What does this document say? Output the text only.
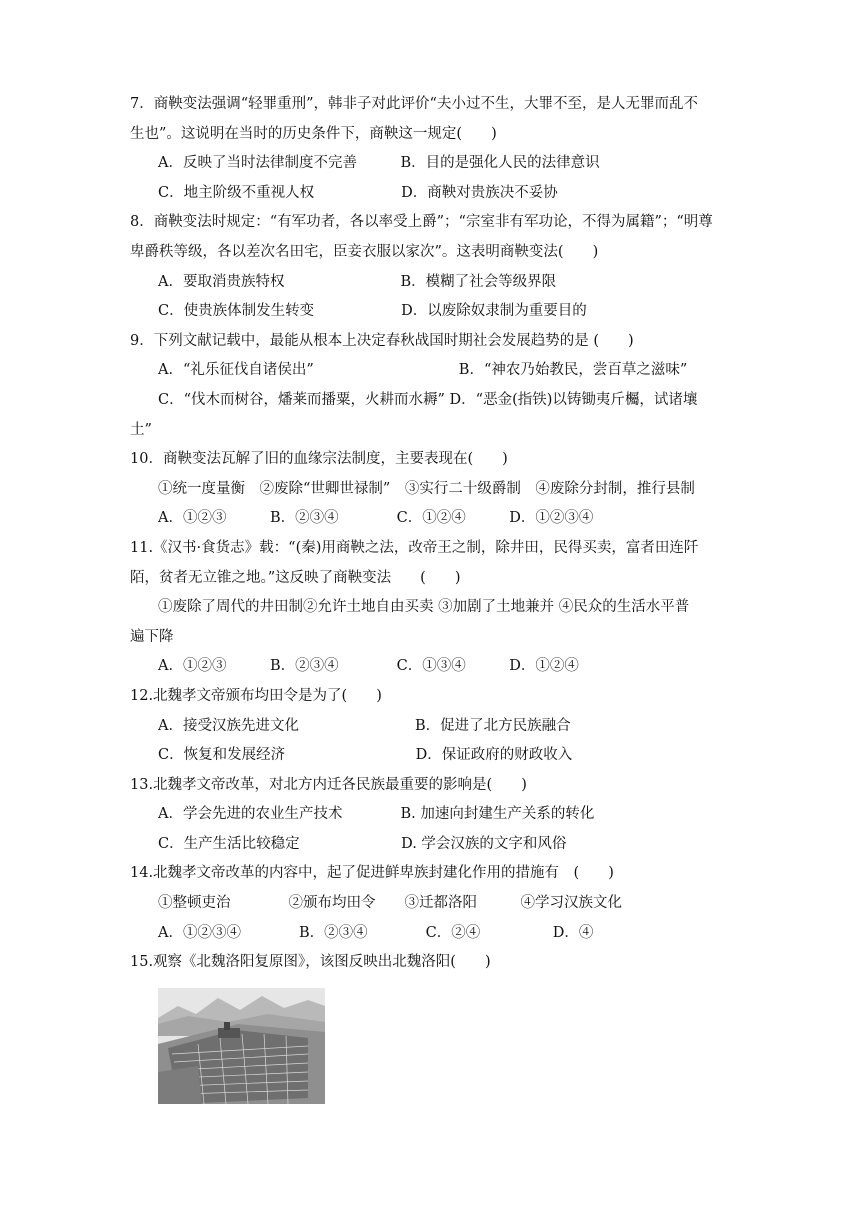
7．商鞅变法强调“轻罪重刑”，韩非子对此评价“夫小过不生，大罪不至，是人无罪而乱不
生也”。这说明在当时的历史条件下，商鞅这一规定(　　)
A．反映了当时法律制度不完善　　　B．目的是强化人民的法律意识
C．地主阶级不重视人权　　　　　　D．商鞅对贵族决不妥协
8．商鞅变法时规定：“有军功者，各以率受上爵”；“宗室非有军功论，不得为属籍”；“明尊
卑爵秩等级，各以差次名田宅，臣妾衣服以家次”。这表明商鞅变法(　　)
A．要取消贵族特权　　　　　　　　B．模糊了社会等级界限
C．使贵族体制发生转变　　　　　　D．以废除奴隶制为重要目的
9．下列文献记载中，最能从根本上决定春秋战国时期社会发展趋势的是 (　　)
A．“礼乐征伐自诸侯出”　　　　　　　　　　B．“神农乃始教民，尝百草之滋味”
C．“伐木而树谷，燔莱而播粟，火耕而水耨” D．“恶金(指铁)以铸锄夷斤欘，试诸壤
土”
10．商鞅变法瓦解了旧的血缘宗法制度，主要表现在(　　)
①统一度量衡　②废除“世卿世禄制”　③实行二十级爵制　④废除分封制，推行县制
A．①②③　　　B．②③④　　　　C．①②④　　　D．①②③④
11.《汉书·食货志》载：“(秦)用商鞅之法，改帝王之制，除井田，民得买卖，富者田连阡
陌，贫者无立锥之地。”这反映了商鞅变法　　(　　)
①废除了周代的井田制②允许土地自由买卖 ③加剧了土地兼并 ④民众的生活水平普
遍下降
A．①②③　　　B．②③④　　　　C．①③④　　　D．①②④
12.北魏孝文帝颁布均田令是为了(　　)
A．接受汉族先进文化　　　　　　　　B．促进了北方民族融合
C．恢复和发展经济　　　　　　　　　D．保证政府的财政收入
13.北魏孝文帝改革，对北方内迁各民族最重要的影响是(　　)
A．学会先进的农业生产技术　　　　B. 加速向封建生产关系的转化
C．生产生活比较稳定　　　　　　　D. 学会汉族的文字和风俗
14.北魏孝文帝改革的内容中，起了促进鲜卑族封建化作用的措施有　(　　)
①整顿吏治　　　　②颁布均田令　　③迁都洛阳　　　④学习汉族文化
A．①②③④　　　　B．②③④　　　　C．②④　　　　　D．④
15.观察《北魏洛阳复原图》，该图反映出北魏洛阳(　　)
